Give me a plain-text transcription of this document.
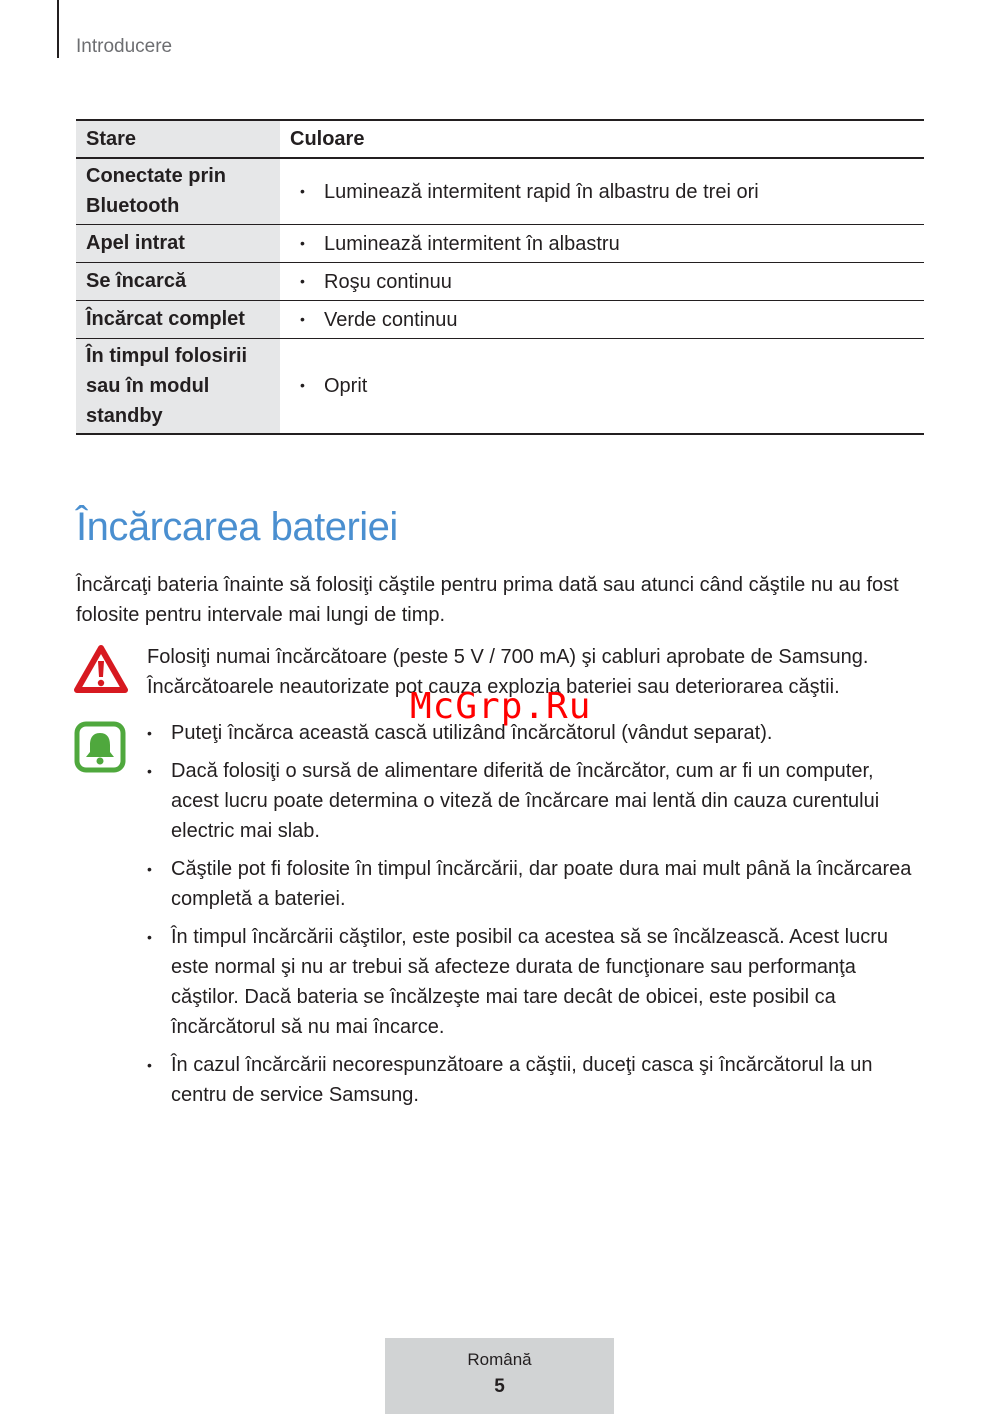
Introducere
Stare	Culoare
Conectate prin Bluetooth	• Luminează intermitent rapid în albastru de trei ori
Apel intrat	• Luminează intermitent în albastru
Se încarcă	• Roşu continuu
Încărcat complet	• Verde continuu
În timpul folosirii sau în modul standby	• Oprit
Încărcarea bateriei

Încărcaţi bateria înainte să folosiţi căştile pentru prima dată sau atunci când căştile nu au fost folosite pentru intervale mai lungi de timp.

Folosiţi numai încărcătoare (peste 5 V / 700 mA) şi cabluri aprobate de Samsung. Încărcătoarele neautorizate pot cauza explozia bateriei sau deteriorarea căştii.

• Puteţi încărca această cască utilizând încărcătorul (vândut separat).
• Dacă folosiţi o sursă de alimentare diferită de încărcător, cum ar fi un computer, acest lucru poate determina o viteză de încărcare mai lentă din cauza curentului electric mai slab.
• Căştile pot fi folosite în timpul încărcării, dar poate dura mai mult până la încărcarea completă a bateriei.
• În timpul încărcării căştilor, este posibil ca acestea să se încălzească. Acest lucru este normal şi nu ar trebui să afecteze durata de funcţionare sau performanţa căştilor. Dacă bateria se încălzeşte mai tare decât de obicei, este posibil ca încărcătorul să nu mai încarce.
• În cazul încărcării necorespunzătoare a căştii, duceţi casca şi încărcătorul la un centru de service Samsung.
McGrp.Ru
Română
5
